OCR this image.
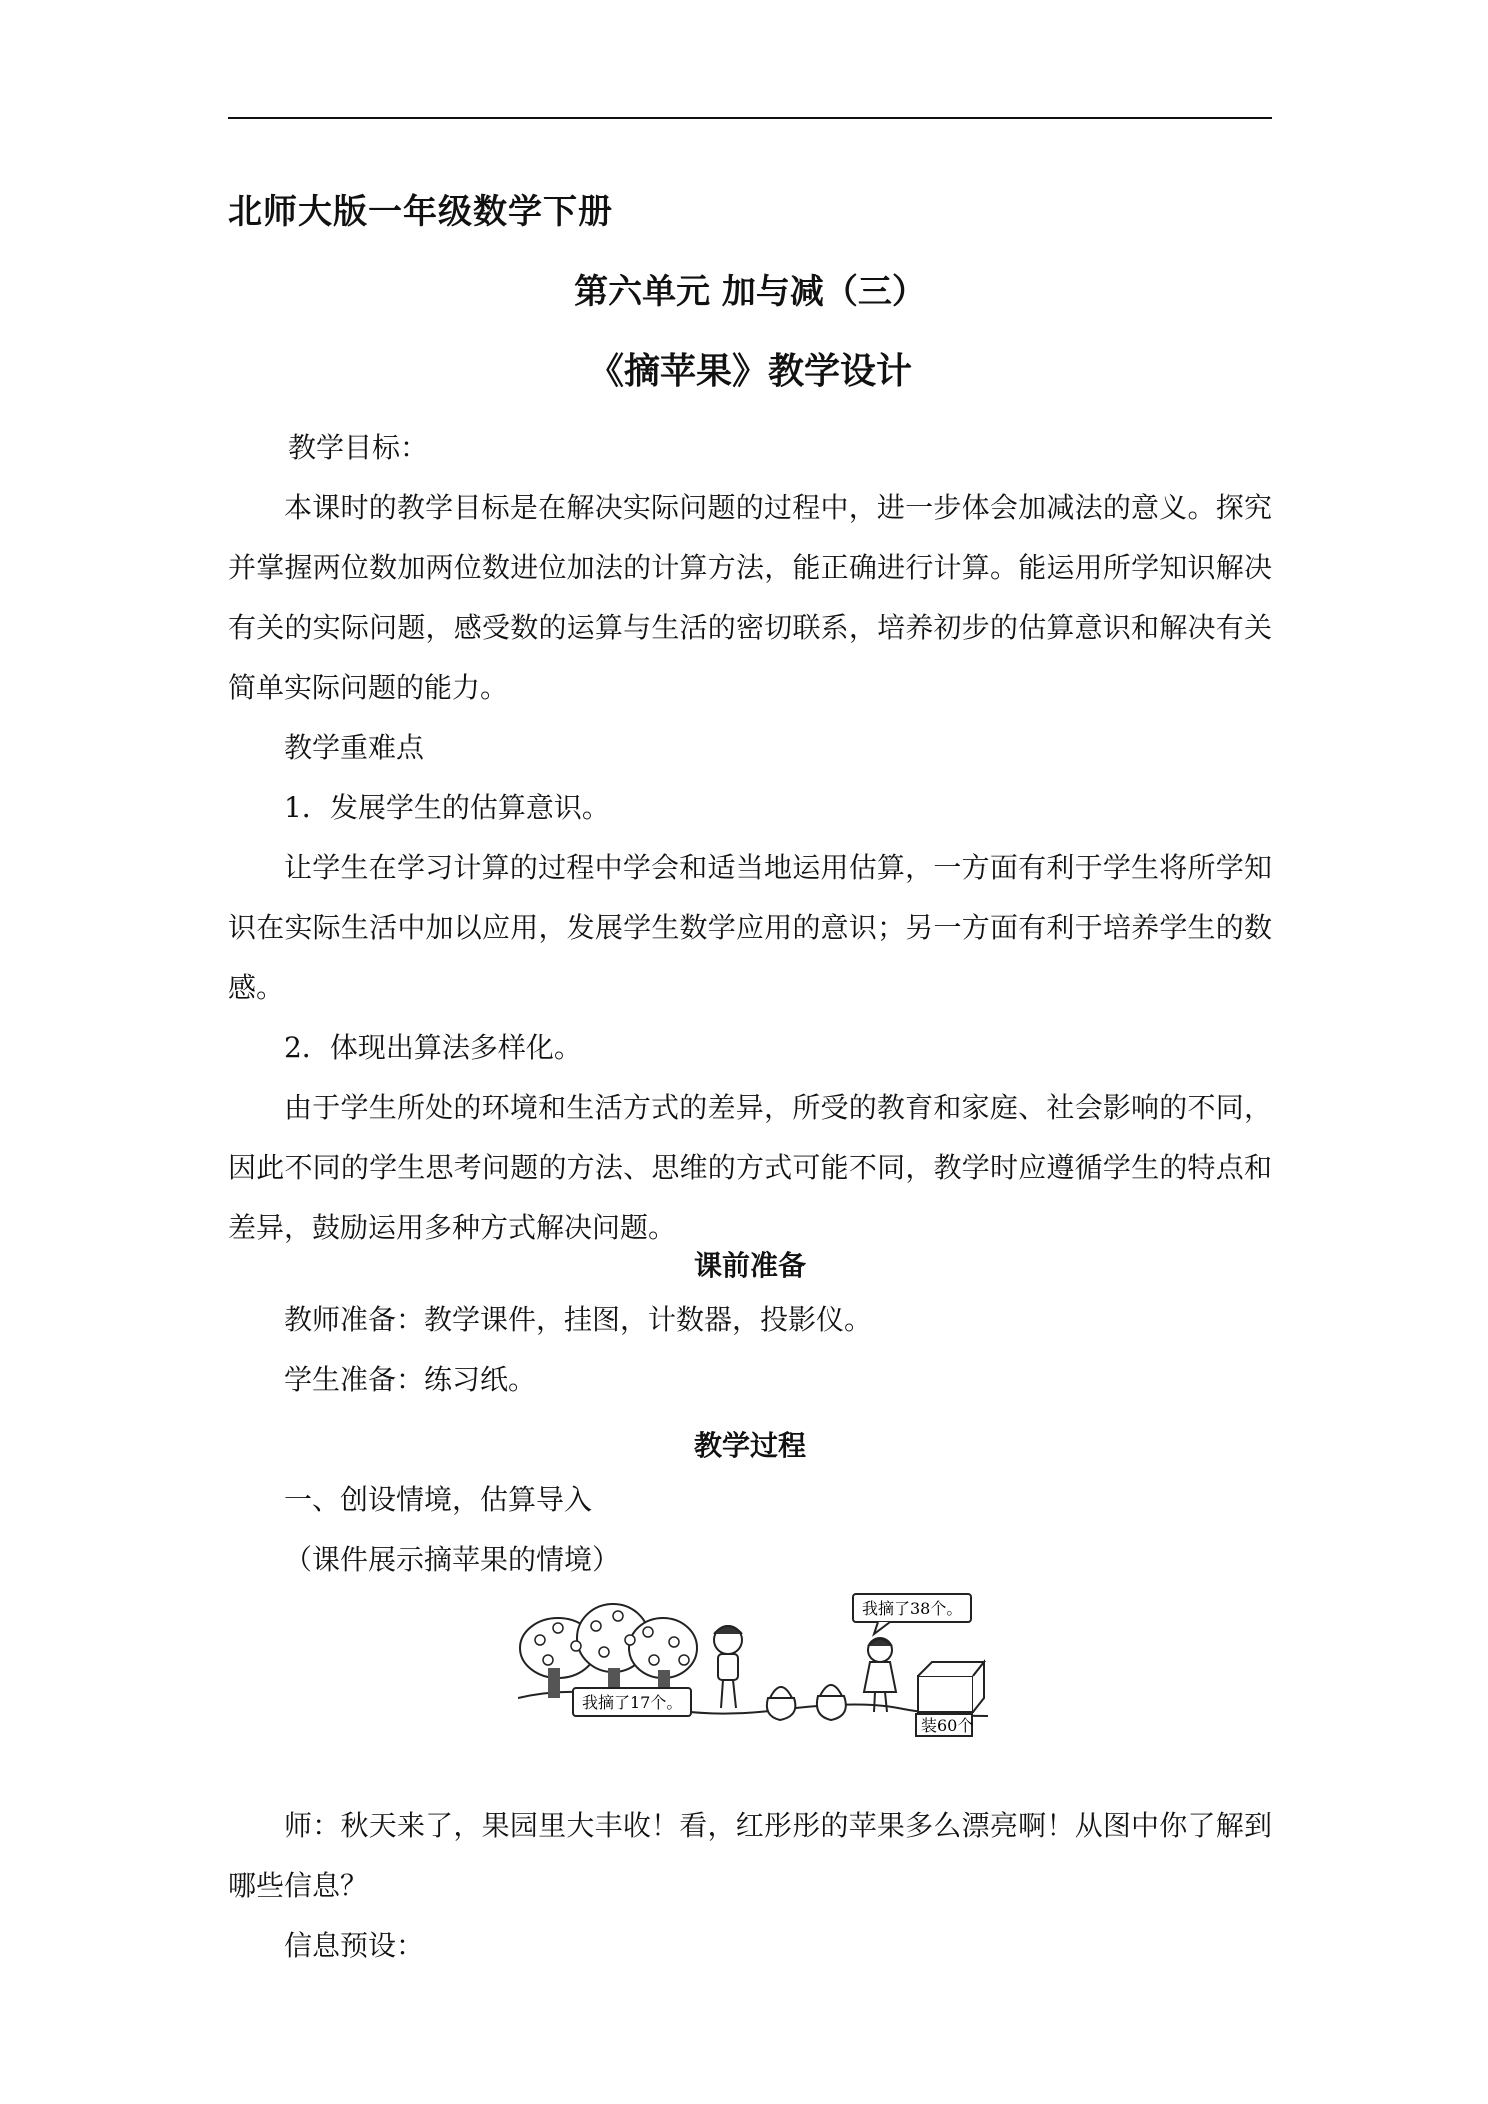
北师大版一年级数学下册
第六单元 加与减（三）
《摘苹果》教学设计

教学目标：

本课时的教学目标是在解决实际问题的过程中，进一步体会加减法的意义。探究并掌握两位数加两位数进位加法的计算方法，能正确进行计算。能运用所学知识解决有关的实际问题，感受数的运算与生活的密切联系，培养初步的估算意识和解决有关简单实际问题的能力。

教学重难点

1．发展学生的估算意识。

让学生在学习计算的过程中学会和适当地运用估算，一方面有利于学生将所学知识在实际生活中加以应用，发展学生数学应用的意识；另一方面有利于培养学生的数感。

2．体现出算法多样化。

由于学生所处的环境和生活方式的差异，所受的教育和家庭、社会影响的不同，因此不同的学生思考问题的方法、思维的方式可能不同，教学时应遵循学生的特点和差异，鼓励运用多种方式解决问题。

课前准备

教师准备：教学课件，挂图，计数器，投影仪。

学生准备：练习纸。

教学过程

一、创设情境，估算导入

（课件展示摘苹果的情境）

师：秋天来了，果园里大丰收！看，红彤彤的苹果多么漂亮啊！从图中你了解到哪些信息？

信息预设：

我摘了17个。
我摘了38个。
装60个
